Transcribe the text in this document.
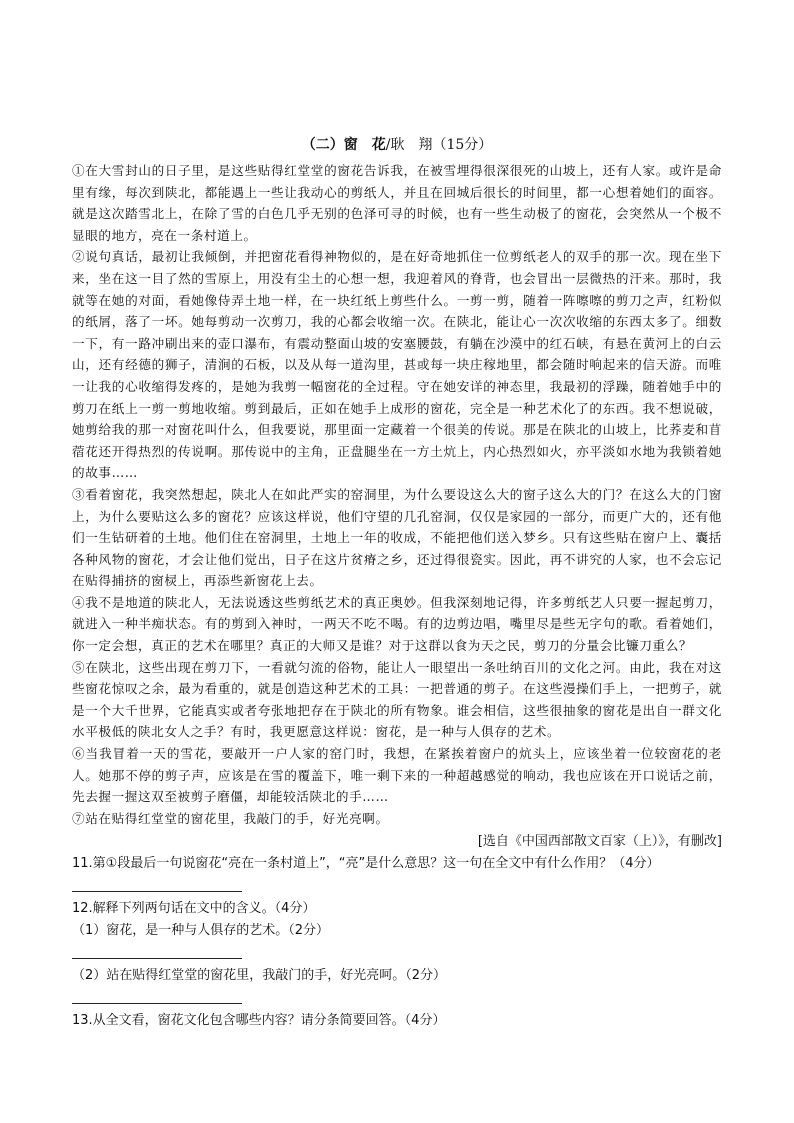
（二）窗　花/耿　翔（15分）

①在大雪封山的日子里，是这些贴得红堂堂的窗花告诉我，在被雪埋得很深很死的山坡上，还有人家。或许是命里有缘，每次到陕北，都能遇上一些让我动心的剪纸人，并且在回城后很长的时间里，都一心想着她们的面容。就是这次踏雪北上，在除了雪的白色几乎无别的色泽可寻的时候，也有一些生动极了的窗花，会突然从一个极不显眼的地方，亮在一条村道上。

②说句真话，最初让我倾倒，并把窗花看得神物似的，是在好奇地抓住一位剪纸老人的双手的那一次。现在坐下来，坐在这一目了然的雪原上，用没有尘土的心想一想，我迎着风的脊背，也会冒出一层微热的汗来。那时，我就等在她的对面，看她像侍弄土地一样，在一块红纸上剪些什么。一剪一剪，随着一阵嚓嚓的剪刀之声，红粉似的纸屑，落了一坏。她每剪动一次剪刀，我的心都会收缩一次。在陕北，能让心一次次收缩的东西太多了。细数一下，有一路冲刷出来的壶口瀑布，有震动整面山坡的安塞腰鼓，有躺在沙漠中的红石峡，有悬在黄河上的白云山，还有经德的狮子，清涧的石板，以及从每一道沟里，甚或每一块庄稼地里，都会随时响起来的信天游。而唯一让我的心收缩得发疼的，是她为我剪一幅窗花的全过程。守在她安详的神态里，我最初的浮躁，随着她手中的剪刀在纸上一剪一剪地收缩。剪到最后，正如在她手上成形的窗花，完全是一种艺术化了的东西。我不想说破，她剪给我的那一对窗花叫什么，但我要说，那里面一定藏着一个很美的传说。那是在陕北的山坡上，比荞麦和苜蓿花还开得热烈的传说啊。那传说中的主角，正盘腿坐在一方土炕上，内心热烈如火，亦平淡如水地为我锁着她的故事……

③看着窗花，我突然想起，陕北人在如此严实的窑洞里，为什么要设这么大的窗子这么大的门？在这么大的门窗上，为什么要贴这么多的窗花？应该这样说，他们守望的几孔窑洞，仅仅是家园的一部分，而更广大的，还有他们一生钻研着的土地。他们住在窑洞里，土地上一年的收成，不能把他们送入梦乡。只有这些贴在窗户上、囊括各种风物的窗花，才会让他们觉出，日子在这片贫瘠之乡，还过得很瓷实。因此，再不讲究的人家，也不会忘记在贴得捕挤的窗棂上，再添些新窗花上去。

④我不是地道的陕北人，无法说透这些剪纸艺术的真正奥妙。但我深刻地记得，许多剪纸艺人只要一握起剪刀，就进入一种半痴状态。有的剪到入神时，一两天不吃不喝。有的边剪边唱，嘴里尽是些无字句的歌。看着她们，你一定会想，真正的艺术在哪里？真正的大师又是谁？对于这群以食为天之民，剪刀的分量会比镰刀重么？

⑤在陕北，这些出现在剪刀下，一看就匀流的俗物，能让人一眼望出一条吐纳百川的文化之河。由此，我在对这些窗花惊叹之余，最为看重的，就是创造这种艺术的工具：一把普通的剪子。在这些漫操们手上，一把剪子，就是一个大千世界，它能真实或者夸张地把存在于陕北的所有物象。谁会相信，这些很抽象的窗花是出自一群文化水平极低的陕北女人之手？有时，我更愿意这样说：窗花，是一种与人俱存的艺术。

⑥当我冒着一天的雪花，要敲开一户人家的窑门时，我想，在紧挨着窗户的炕头上，应该坐着一位较窗花的老人。她那不停的剪子声，应该是在雪的覆盖下，唯一剩下来的一种超越感觉的响动，我也应该在开口说话之前，先去握一握这双至被剪子磨僵，却能较活陕北的手……

⑦站在贴得红堂堂的窗花里，我敲门的手，好光亮啊。

[选自《中国西部散文百家（上）》，有删改]

11.第①段最后一句说窗花“亮在一条村道上”，“亮”是什么意思？这一句在全文中有什么作用？（4分）

12.解释下列两句话在文中的含义。（4分）

（1）窗花，是一种与人俱存的艺术。（2分）

（2）站在贴得红堂堂的窗花里，我敲门的手，好光亮呵。（2分）

13.从全文看，窗花文化包含哪些内容？请分条简要回答。（4分）
